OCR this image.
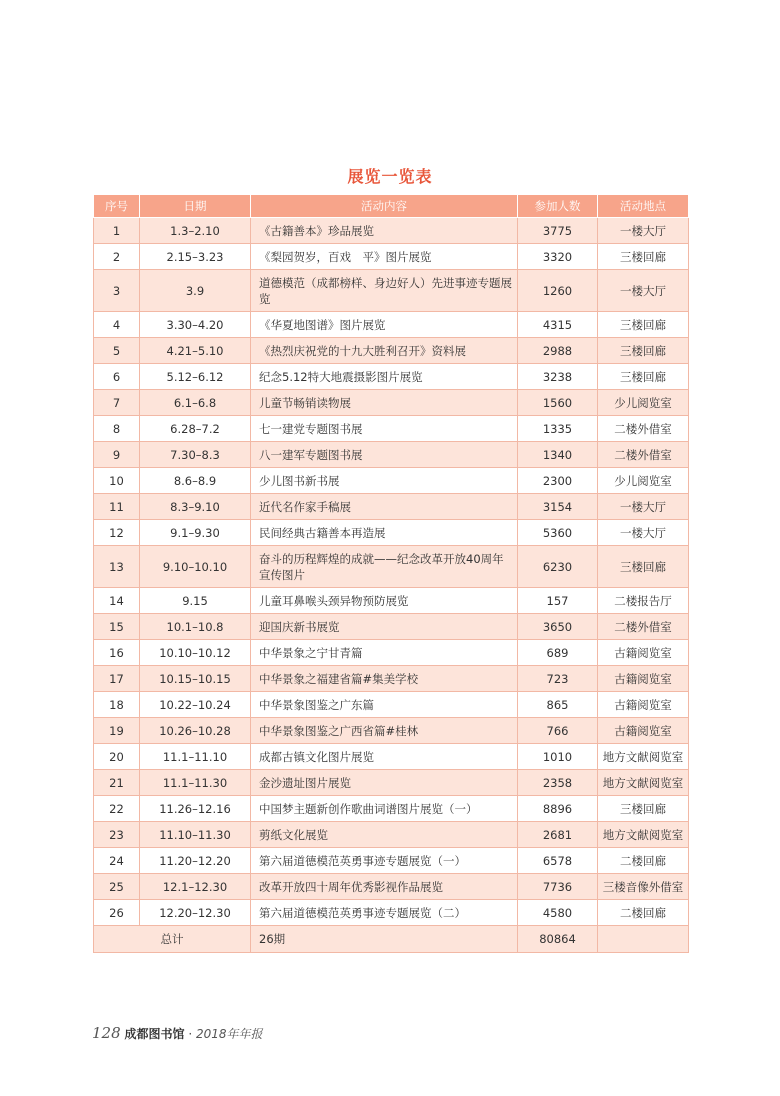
展览一览表
序号	日期	活动内容	参加人数	活动地点
1	1.3–2.10	《古籍善本》珍品展览	3775	一楼大厅
2	2.15–3.23	《梨园贺岁，百戏　平》图片展览	3320	三楼回廊
3	3.9	道德模范（成都榜样、身边好人）先进事迹专题展览	1260	一楼大厅
4	3.30–4.20	《华夏地图谱》图片展览	4315	三楼回廊
5	4.21–5.10	《热烈庆祝党的十九大胜利召开》资料展	2988	三楼回廊
6	5.12–6.12	纪念5.12特大地震摄影图片展览	3238	三楼回廊
7	6.1–6.8	儿童节畅销读物展	1560	少儿阅览室
8	6.28–7.2	七一建党专题图书展	1335	二楼外借室
9	7.30–8.3	八一建军专题图书展	1340	二楼外借室
10	8.6–8.9	少儿图书新书展	2300	少儿阅览室
11	8.3–9.10	近代名作家手稿展	3154	一楼大厅
12	9.1–9.30	民间经典古籍善本再造展	5360	一楼大厅
13	9.10–10.10	奋斗的历程辉煌的成就——纪念改革开放40周年宣传图片	6230	三楼回廊
14	9.15	儿童耳鼻喉头颈异物预防展览	157	二楼报告厅
15	10.1–10.8	迎国庆新书展览	3650	二楼外借室
16	10.10–10.12	中华景象之宁甘青篇	689	古籍阅览室
17	10.15–10.15	中华景象之福建省篇#集美学校	723	古籍阅览室
18	10.22–10.24	中华景象图鉴之广东篇	865	古籍阅览室
19	10.26–10.28	中华景象图鉴之广西省篇#桂林	766	古籍阅览室
20	11.1–11.10	成都古镇文化图片展览	1010	地方文献阅览室
21	11.1–11.30	金沙遗址图片展览	2358	地方文献阅览室
22	11.26–12.16	中国梦主题新创作歌曲词谱图片展览（一）	8896	三楼回廊
23	11.10–11.30	剪纸文化展览	2681	地方文献阅览室
24	11.20–12.20	第六届道德模范英勇事迹专题展览（一）	6578	二楼回廊
25	12.1–12.30	改革开放四十周年优秀影视作品展览	7736	三楼音像外借室
26	12.20–12.30	第六届道德模范英勇事迹专题展览（二）	4580	二楼回廊
总计		26期	80864	
128 成都图书馆 · 2018年年报
